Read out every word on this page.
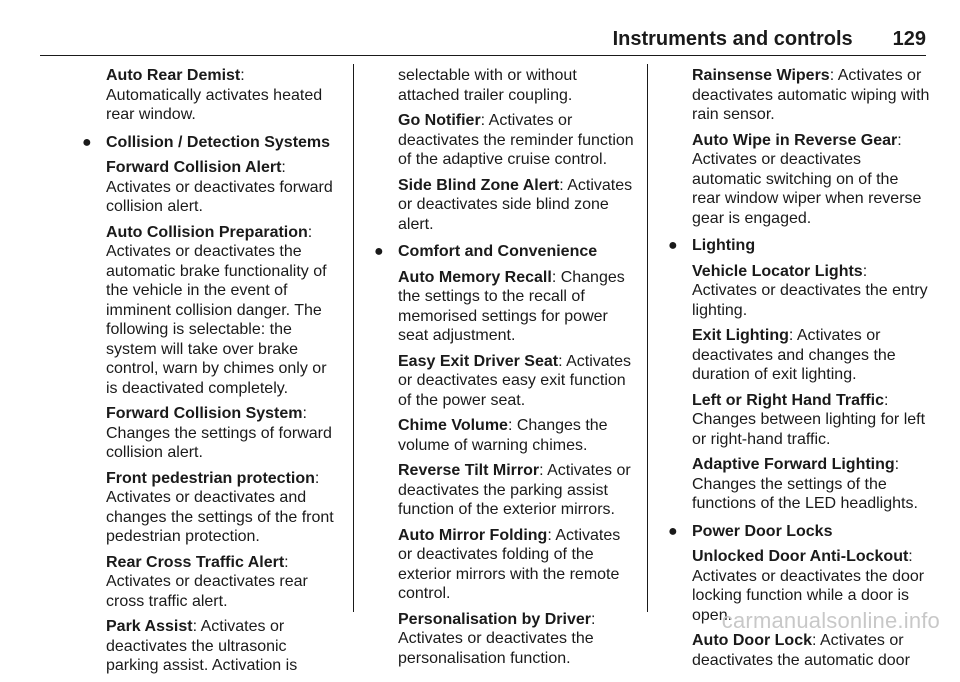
Instruments and controls 129

Auto Rear Demist: Automatically activates heated rear window.

● Collision / Detection Systems

Forward Collision Alert: Activates or deactivates forward collision alert.

Auto Collision Preparation: Activates or deactivates the automatic brake functionality of the vehicle in the event of imminent collision danger. The following is selectable: the system will take over brake control, warn by chimes only or is deactivated completely.

Forward Collision System: Changes the settings of forward collision alert.

Front pedestrian protection: Activates or deactivates and changes the settings of the front pedestrian protection.

Rear Cross Traffic Alert: Activates or deactivates rear cross traffic alert.

Park Assist: Activates or deactivates the ultrasonic parking assist. Activation is

selectable with or without attached trailer coupling.

Go Notifier: Activates or deactivates the reminder function of the adaptive cruise control.

Side Blind Zone Alert: Activates or deactivates side blind zone alert.

● Comfort and Convenience

Auto Memory Recall: Changes the settings to the recall of memorised settings for power seat adjustment.

Easy Exit Driver Seat: Activates or deactivates easy exit function of the power seat.

Chime Volume: Changes the volume of warning chimes.

Reverse Tilt Mirror: Activates or deactivates the parking assist function of the exterior mirrors.

Auto Mirror Folding: Activates or deactivates folding of the exterior mirrors with the remote control.

Personalisation by Driver: Activates or deactivates the personalisation function.

Rainsense Wipers: Activates or deactivates automatic wiping with rain sensor.

Auto Wipe in Reverse Gear: Activates or deactivates automatic switching on of the rear window wiper when reverse gear is engaged.

● Lighting

Vehicle Locator Lights: Activates or deactivates the entry lighting.

Exit Lighting: Activates or deactivates and changes the duration of exit lighting.

Left or Right Hand Traffic: Changes between lighting for left or right-hand traffic.

Adaptive Forward Lighting: Changes the settings of the functions of the LED headlights.

● Power Door Locks

Unlocked Door Anti-Lockout: Activates or deactivates the door locking function while a door is open.

Auto Door Lock: Activates or deactivates the automatic door

carmanualsonline.info
